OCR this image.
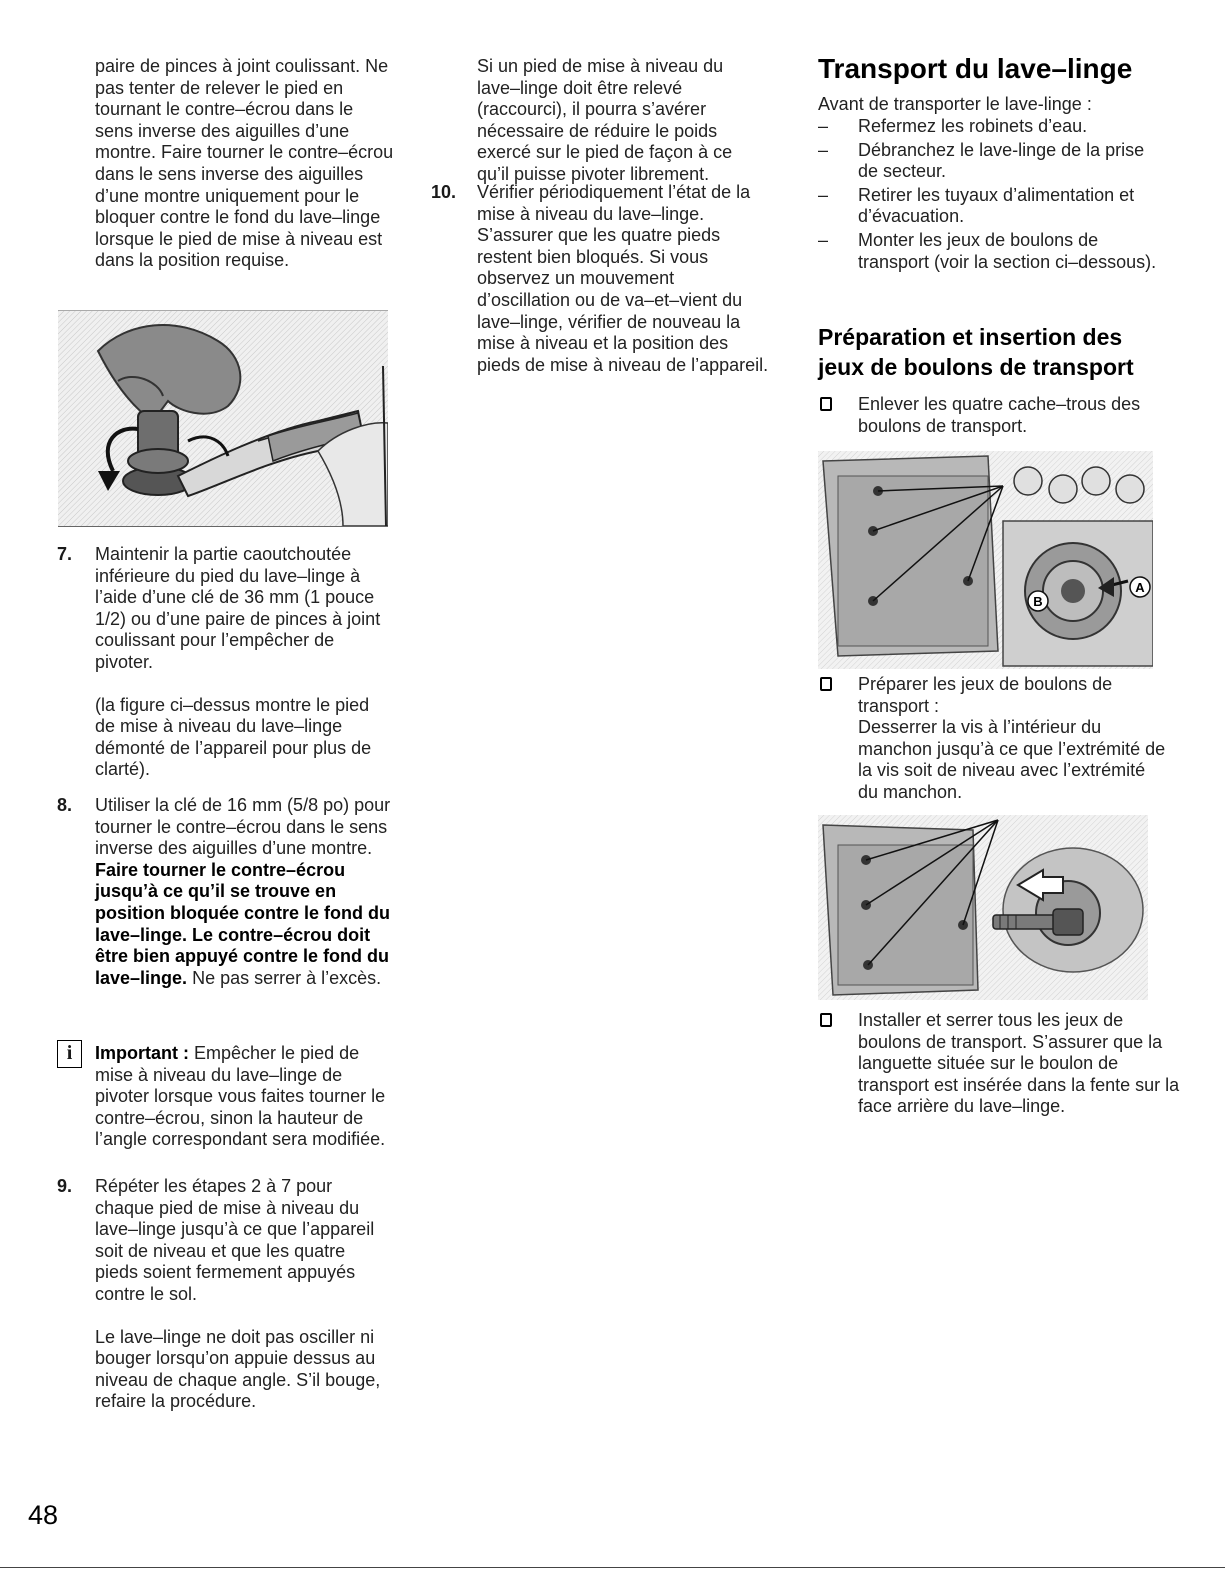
paire de pinces à joint coulissant. Ne pas tenter de relever le pied en tournant le contre–écrou dans le sens inverse des aiguilles d’une montre. Faire tourner le contre–écrou dans le sens inverse des aiguilles d’une montre uniquement pour le bloquer contre le fond du lave–linge lorsque le pied de mise à niveau est dans la position requise.

7. Maintenir la partie caoutchoutée inférieure du pied du lave–linge à l’aide d’une clé de 36 mm (1 pouce 1/2) ou d’une paire de pinces à joint coulissant pour l’empêcher de pivoter.

(la figure ci–dessus montre le pied de mise à niveau du lave–linge démonté de l’appareil pour plus de clarté).

8. Utiliser la clé de 16 mm (5/8 po) pour tourner le contre–écrou dans le sens inverse des aiguilles d’une montre. Faire tourner le contre–écrou jusqu’à ce qu’il se trouve en position bloquée contre le fond du lave–linge. Le contre–écrou doit être bien appuyé contre le fond du lave–linge. Ne pas serrer à l’excès.

i	Important : Empêcher le pied de mise à niveau du lave–linge de pivoter lorsque vous faites tourner le contre–écrou, sinon la hauteur de l’angle correspondant sera modifiée.

9. Répéter les étapes 2 à 7 pour chaque pied de mise à niveau du lave–linge jusqu’à ce que l’appareil soit de niveau et que les quatre pieds soient fermement appuyés contre le sol.

Le lave–linge ne doit pas osciller ni bouger lorsqu’on appuie dessus au niveau de chaque angle. S’il bouge, refaire la procédure.

Si un pied de mise à niveau du lave–linge doit être relevé (raccourci), il pourra s’avérer nécessaire de réduire le poids exercé sur le pied de façon à ce qu’il puisse pivoter librement.

10. Vérifier périodiquement l’état de la mise à niveau du lave–linge. S’assurer que les quatre pieds restent bien bloqués. Si vous observez un mouvement d’oscillation ou de va–et–vient du lave–linge, vérifier de nouveau la mise à niveau et la position des pieds de mise à niveau de l’appareil.

Transport du lave–linge

Avant de transporter le lave-linge :

– Refermez les robinets d’eau.
– Débranchez le lave-linge de la prise de secteur.
– Retirer les tuyaux d’alimentation et d’évacuation.
– Monter les jeux de boulons de transport (voir la section ci–dessous).
Préparation et insertion des jeux de boulons de transport

Enlever les quatre cache–trous des boulons de transport.

B
A

Préparer les jeux de boulons de transport :

Desserrer la vis à l’intérieur du manchon jusqu’à ce que l’extrémité de la vis soit de niveau avec l’extrémité du manchon.

Installer et serrer tous les jeux de boulons de transport. S’assurer que la languette située sur le boulon de transport est insérée dans la fente sur la face arrière du lave–linge.

48
